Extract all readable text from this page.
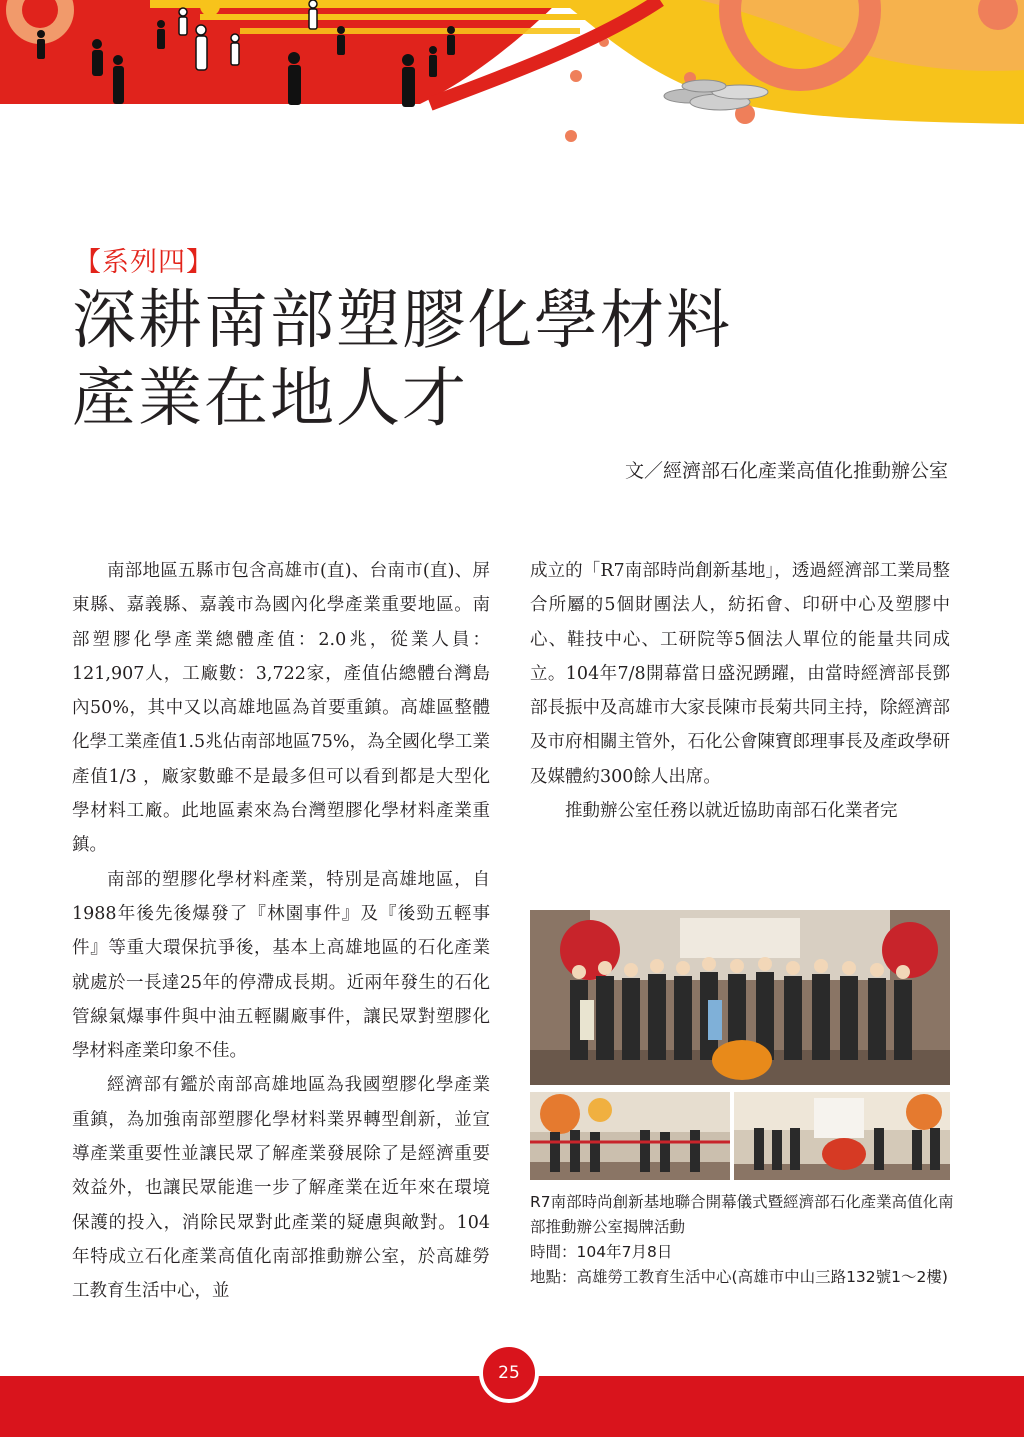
【系列四】
深耕南部塑膠化學材料
產業在地人才
文／經濟部石化產業高值化推動辦公室

南部地區五縣市包含高雄市(直)、台南市(直)、屏東縣、嘉義縣、嘉義市為國內化學產業重要地區。南部塑膠化學產業總體產值：2.0兆，從業人員：121,907人，工廠數：3,722家，產值佔總體台灣島內50%，其中又以高雄地區為首要重鎮。高雄區整體化學工業產值1.5兆佔南部地區75%，為全國化學工業產值1/3 ，廠家數雖不是最多但可以看到都是大型化學材料工廠。此地區素來為台灣塑膠化學材料產業重鎮。

南部的塑膠化學材料產業，特別是高雄地區，自1988年後先後爆發了『林園事件』及『後勁五輕事件』等重大環保抗爭後，基本上高雄地區的石化產業就處於一長達25年的停滯成長期。近兩年發生的石化管線氣爆事件與中油五輕關廠事件，讓民眾對塑膠化學材料產業印象不佳。

經濟部有鑑於南部高雄地區為我國塑膠化學產業重鎮，為加強南部塑膠化學材料業界轉型創新，並宣導產業重要性並讓民眾了解產業發展除了是經濟重要效益外，也讓民眾能進一步了解產業在近年來在環境保護的投入，消除民眾對此產業的疑慮與敵對。104年特成立石化產業高值化南部推動辦公室，於高雄勞工教育生活中心，並

成立的「R7南部時尚創新基地」，透過經濟部工業局整合所屬的5個財團法人，紡拓會、印研中心及塑膠中心、鞋技中心、工研院等5個法人單位的能量共同成立。104年7/8開幕當日盛況踴躍，由當時經濟部長鄧部長振中及高雄市大家長陳市長菊共同主持，除經濟部及市府相關主管外，石化公會陳寶郎理事長及產政學研及媒體約300餘人出席。

推動辦公室任務以就近協助南部石化業者完

R7南部時尚創新基地聯合開幕儀式暨經濟部石化產業高值化南部推動辦公室揭牌活動
時間： 104年7月8日
地點： 高雄勞工教育生活中心(高雄市中山三路132號1〜2樓)
25
